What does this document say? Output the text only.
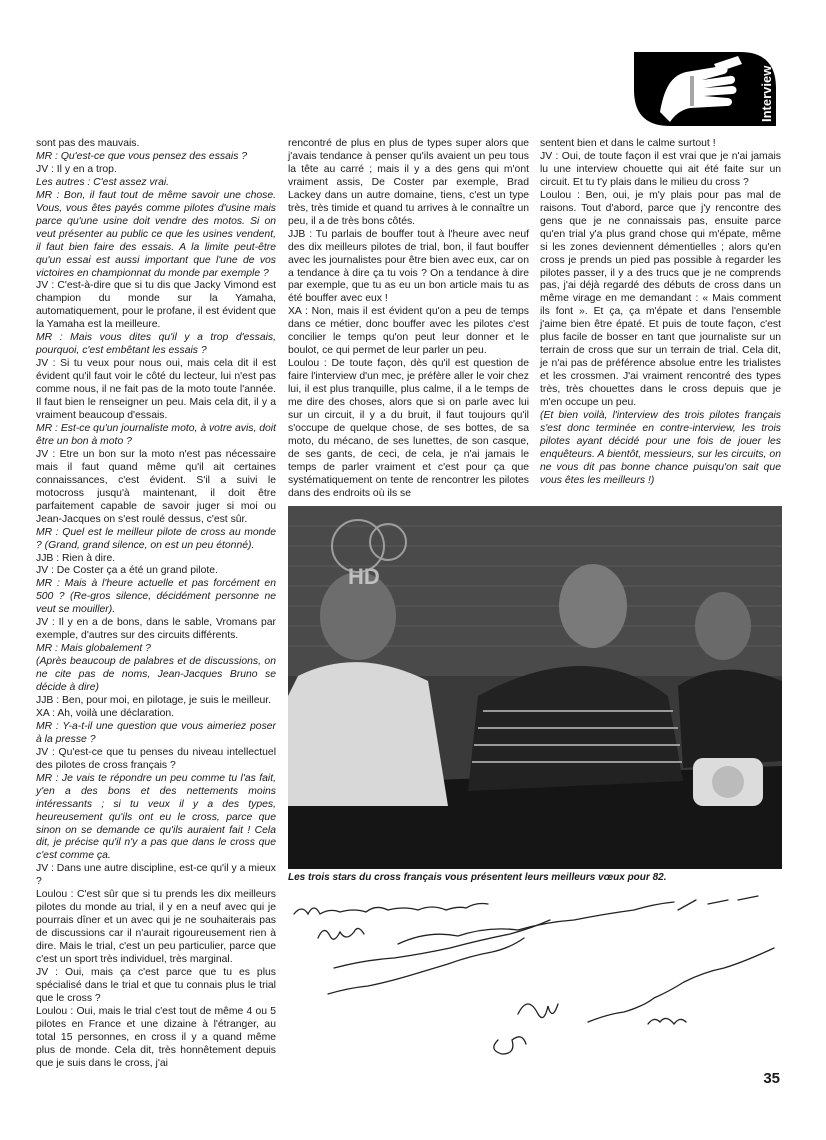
Interview

sont pas des mauvais.

MR : Qu'est-ce que vous pensez des essais ?

JV : Il y en a trop.

Les autres : C'est assez vrai.

MR : Bon, il faut tout de même savoir une chose. Vous, vous êtes payés comme pilotes d'usine mais parce qu'une usine doit vendre des motos. Si on veut présenter au public ce que les usines vendent, il faut bien faire des essais. A la limite peut-être qu'un essai est aussi important que l'une de vos victoires en championnat du monde par exemple ?

JV : C'est-à-dire que si tu dis que Jacky Vimond est champion du monde sur la Yamaha, automatiquement, pour le profane, il est évident que la Yamaha est la meilleure.

MR : Mais vous dites qu'il y a trop d'essais, pourquoi, c'est embêtant les essais ?

JV : Si tu veux pour nous oui, mais cela dit il est évident qu'il faut voir le côté du lecteur, lui n'est pas comme nous, il ne fait pas de la moto toute l'année. Il faut bien le renseigner un peu. Mais cela dit, il y a vraiment beaucoup d'essais.

MR : Est-ce qu'un journaliste moto, à votre avis, doit être un bon à moto ?

JV : Etre un bon sur la moto n'est pas nécessaire mais il faut quand même qu'il ait certaines connaissances, c'est évident. S'il a suivi le motocross jusqu'à maintenant, il doit être parfaitement capable de savoir juger si moi ou Jean-Jacques on s'est roulé dessus, c'est sûr.

MR : Quel est le meilleur pilote de cross au monde ? (Grand, grand silence, on est un peu étonné).

JJB : Rien à dire.

JV : De Coster ça a été un grand pilote.

MR : Mais à l'heure actuelle et pas forcément en 500 ? (Re-gros silence, décidément personne ne veut se mouiller).

JV : Il y en a de bons, dans le sable, Vromans par exemple, d'autres sur des circuits différents.

MR : Mais globalement ?

(Après beaucoup de palabres et de discussions, on ne cite pas de noms, Jean-Jacques Bruno se décide à dire)

JJB : Ben, pour moi, en pilotage, je suis le meilleur.

XA : Ah, voilà une déclaration.

MR : Y-a-t-il une question que vous aimeriez poser à la presse ?

JV : Qu'est-ce que tu penses du niveau intellectuel des pilotes de cross français ?

MR : Je vais te répondre un peu comme tu l'as fait, y'en a des bons et des nettements moins intéressants ; si tu veux il y a des types, heureusement qu'ils ont eu le cross, parce que sinon on se demande ce qu'ils auraient fait ! Cela dit, je précise qu'il n'y a pas que dans le cross que c'est comme ça.

JV : Dans une autre discipline, est-ce qu'il y a mieux ?

Loulou : C'est sûr que si tu prends les dix meilleurs pilotes du monde au trial, il y en a neuf avec qui je pourrais dîner et un avec qui je ne souhaiterais pas de discussions car il n'aurait rigoureusement rien à dire. Mais le trial, c'est un peu particulier, parce que c'est un sport très individuel, très marginal.

JV : Oui, mais ça c'est parce que tu es plus spécialisé dans le trial et que tu connais plus le trial que le cross ?

Loulou : Oui, mais le trial c'est tout de même 4 ou 5 pilotes en France et une dizaine à l'étranger, au total 15 personnes, en cross il y a quand même plus de monde. Cela dit, très honnêtement depuis que je suis dans le cross, j'ai

rencontré de plus en plus de types super alors que j'avais tendance à penser qu'ils avaient un peu tous la tête au carré ; mais il y a des gens qui m'ont vraiment assis, De Coster par exemple, Brad Lackey dans un autre domaine, tiens, c'est un type très, très timide et quand tu arrives à le connaître un peu, il a de très bons côtés.

JJB : Tu parlais de bouffer tout à l'heure avec neuf des dix meilleurs pilotes de trial, bon, il faut bouffer avec les journalistes pour être bien avec eux, car on a tendance à dire ça tu vois ? On a tendance à dire par exemple, que tu as eu un bon article mais tu as été bouffer avec eux !

XA : Non, mais il est évident qu'on a peu de temps dans ce métier, donc bouffer avec les pilotes c'est concilier le temps qu'on peut leur donner et le boulot, ce qui permet de leur parler un peu.

Loulou : De toute façon, dès qu'il est question de faire l'interview d'un mec, je préfère aller le voir chez lui, il est plus tranquille, plus calme, il a le temps de me dire des choses, alors que si on parle avec lui sur un circuit, il y a du bruit, il faut toujours qu'il s'occupe de quelque chose, de ses bottes, de sa moto, du mécano, de ses lunettes, de son casque, de ses gants, de ceci, de cela, je n'ai jamais le temps de parler vraiment et c'est pour ça que systématiquement on tente de rencontrer les pilotes dans des endroits où ils se

sentent bien et dans le calme surtout !

JV : Oui, de toute façon il est vrai que je n'ai jamais lu une interview chouette qui ait été faite sur un circuit. Et tu t'y plais dans le milieu du cross ?

Loulou : Ben, oui, je m'y plais pour pas mal de raisons. Tout d'abord, parce que j'y rencontre des gens que je ne connaissais pas, ensuite parce qu'en trial y'a plus grand chose qui m'épate, même si les zones deviennent démentielles ; alors qu'en cross je prends un pied pas possible à regarder les pilotes passer, il y a des trucs que je ne comprends pas, j'ai déjà regardé des débuts de cross dans un même virage en me demandant : « Mais comment ils font ». Et ça, ça m'épate et dans l'ensemble j'aime bien être épaté. Et puis de toute façon, c'est plus facile de bosser en tant que journaliste sur un terrain de cross que sur un terrain de trial. Cela dit, je n'ai pas de préférence absolue entre les trialistes et les crossmen. J'ai vraiment rencontré des types très, très chouettes dans le cross depuis que je m'en occupe un peu.

(Et bien voilà, l'interview des trois pilotes français s'est donc terminée en contre-interview, les trois pilotes ayant décidé pour une fois de jouer les enquêteurs. A bientôt, messieurs, sur les circuits, on ne vous dit pas bonne chance puisqu'on sait que vous êtes les meilleurs !)

HD
Les trois stars du cross français vous présentent leurs meilleurs vœux pour 82.
35
